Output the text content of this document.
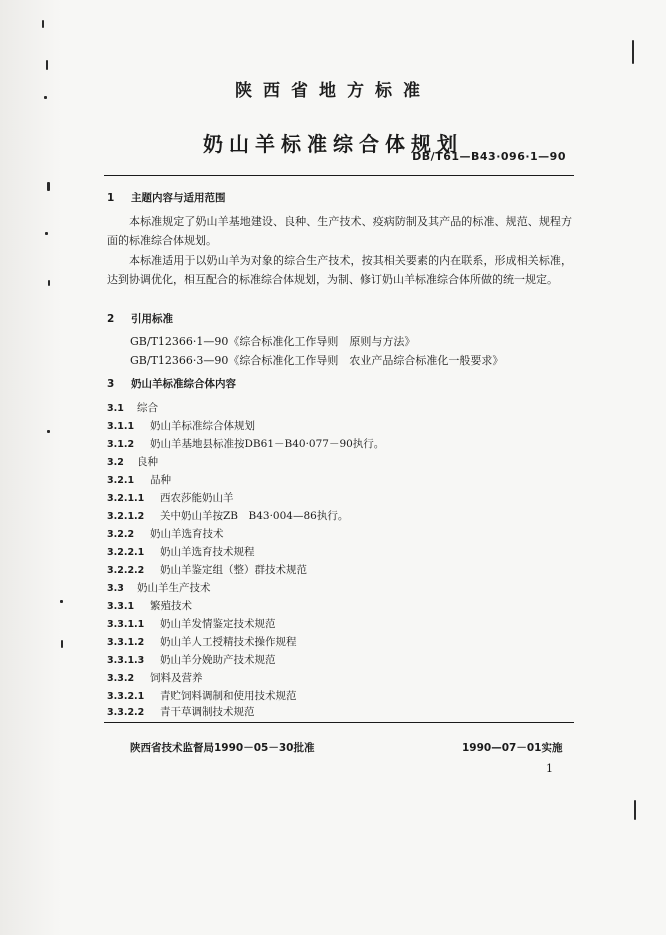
陕西省地方标准
奶山羊标准综合体规划
DB/T61—B43·096·1—90
1 主题内容与适用范围
本标准规定了奶山羊基地建设、良种、生产技术、疫病防制及其产品的标准、规范、规程方面的标准综合体规划。
本标准适用于以奶山羊为对象的综合生产技术，按其相关要素的内在联系，形成相关标准，达到协调优化，相互配合的标准综合体规划，为制、修订奶山羊标准综合体所做的统一规定。
2 引用标准
GB/T12366·1—90《综合标准化工作导则　原则与方法》
GB/T12366·3—90《综合标准化工作导则　农业产品综合标准化一般要求》
3 奶山羊标准综合体内容
3.1 综合
3.1.1 奶山羊标准综合体规划
3.1.2 奶山羊基地县标准按DB61－B40·077－90执行。
3.2 良种
3.2.1 品种
3.2.1.1 西农莎能奶山羊
3.2.1.2 关中奶山羊按ZB　B43·004—86执行。
3.2.2 奶山羊选育技术
3.2.2.1 奶山羊选育技术规程
3.2.2.2 奶山羊鉴定组（整）群技术规范
3.3 奶山羊生产技术
3.3.1 繁殖技术
3.3.1.1 奶山羊发情鉴定技术规范
3.3.1.2 奶山羊人工授精技术操作规程
3.3.1.3 奶山羊分娩助产技术规范
3.3.2 饲料及营养
3.3.2.1 青贮饲料调制和使用技术规范
3.3.2.2 青干草调制技术规范
陕西省技术监督局1990－05－30批准	1990—07－01实施
1
